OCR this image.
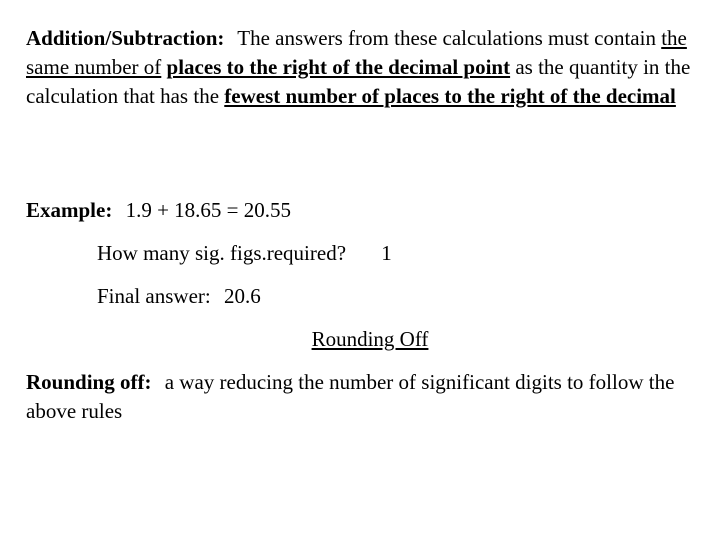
Addition/Subtraction: The answers from these calculations must contain the same number of places to the right of the decimal point as the quantity in the calculation that has the fewest number of places to the right of the decimal

Example: 1.9 + 18.65 = 20.55

How many sig. figs.required? 1

Final answer: 20.6

Rounding Off

Rounding off: a way reducing the number of significant digits to follow the above rules
